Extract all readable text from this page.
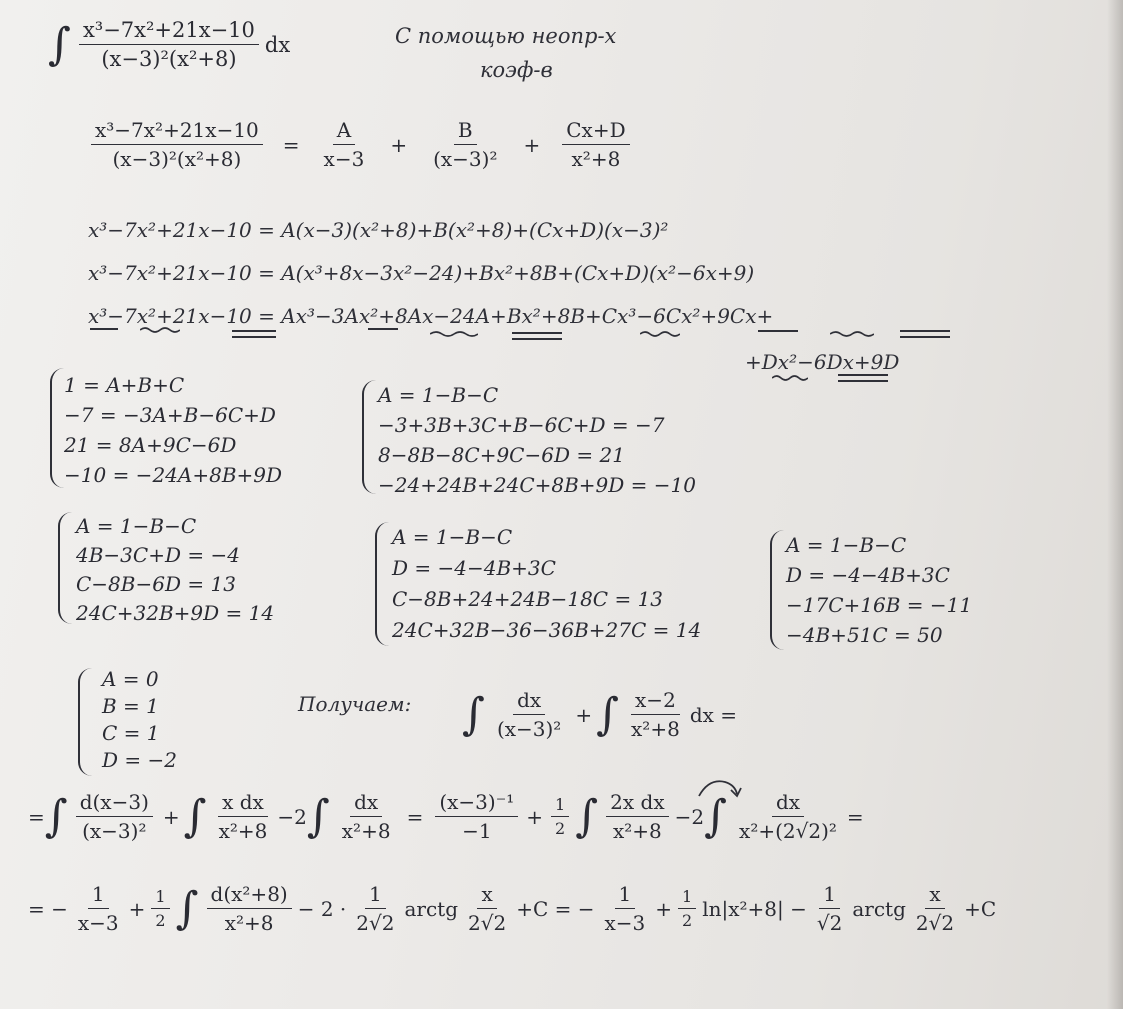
∫ $\frac{\text{x³−7x²+21x−10}}{\text{(x−3)²(x²+8)}}$ dx	С помощью неопр-х
коэф-в
$\frac{\text{x³−7x²+21x−10}}{\text{(x−3)²(x²+8)}} = \frac{A}{x-3} + \frac{B}{\text{(x−3)²}} + \frac{Cx+D}{\text{x²+8}}$
x³−7x²+21x−10 = A(x−3)(x²+8)+B(x²+8)+(Cx+D)(x−3)²
x³−7x²+21x−10 = A(x³+8x−3x²−24)+Bx²+8B+(Cx+D)(x²−6x+9)
x³−7x²+21x−10 = Ax³−3Ax²+8Ax−24A+Bx²+8B+Cx³−6Cx²+9Cx+
+Dx²−6Dx+9D
1 = A+B+C
−7 = −3A+B−6C+D
21 = 8A+9C−6D
−10 = −24A+8B+9D
A = 1−B−C
−3+3B+3C+B−6C+D = −7
8−8B−8C+9C−6D = 21
−24+24B+24C+8B+9D = −10
A = 1−B−C
4B−3C+D = −4
C−8B−6D = 13
24C+32B+9D = 14
A = 1−B−C
D = −4−4B+3C
C−8B+24+24B−18C = 13
24C+32B−36−36B+27C = 14
A = 1−B−C
D = −4−4B+3C
−17C+16B = −11
−4B+51C = 50
A = 0
B = 1
C = 1
D = −2
Получаем: ∫ $\frac{dx}{\text{(x−3)²}}$ + ∫ $\frac{x-2}{\text{x²+8}}$ dx =
= ∫ $\frac{d(x-3)}{\text{(x−3)²}}$ + ∫ $\frac{\text{x dx}}{\text{x²+8}} -2$ ∫ $\frac{dx}{\text{x²+8}} = \frac{\text{(x−3)⁻¹}}{-1} + \frac{1}{2}$ ∫ $\frac{\text{2x dx}}{\text{x²+8}} -2$ ∫ $\frac{dx}{\text{x²+(2√2)²}}$ =
= − $\frac{1}{x-3} + \frac{1}{2}$ ∫ $\frac{\text{d(x²+8)}}{\text{x²+8}} - 2 \cdot \frac{1}{2√2}$ arctg $\frac{x}{2√2} +C$ = − $\frac{1}{x-3} + \frac{1}{2} \ln|x^2+8| - \frac{1}{√2}$ arctg $\frac{x}{2√2} +C$
